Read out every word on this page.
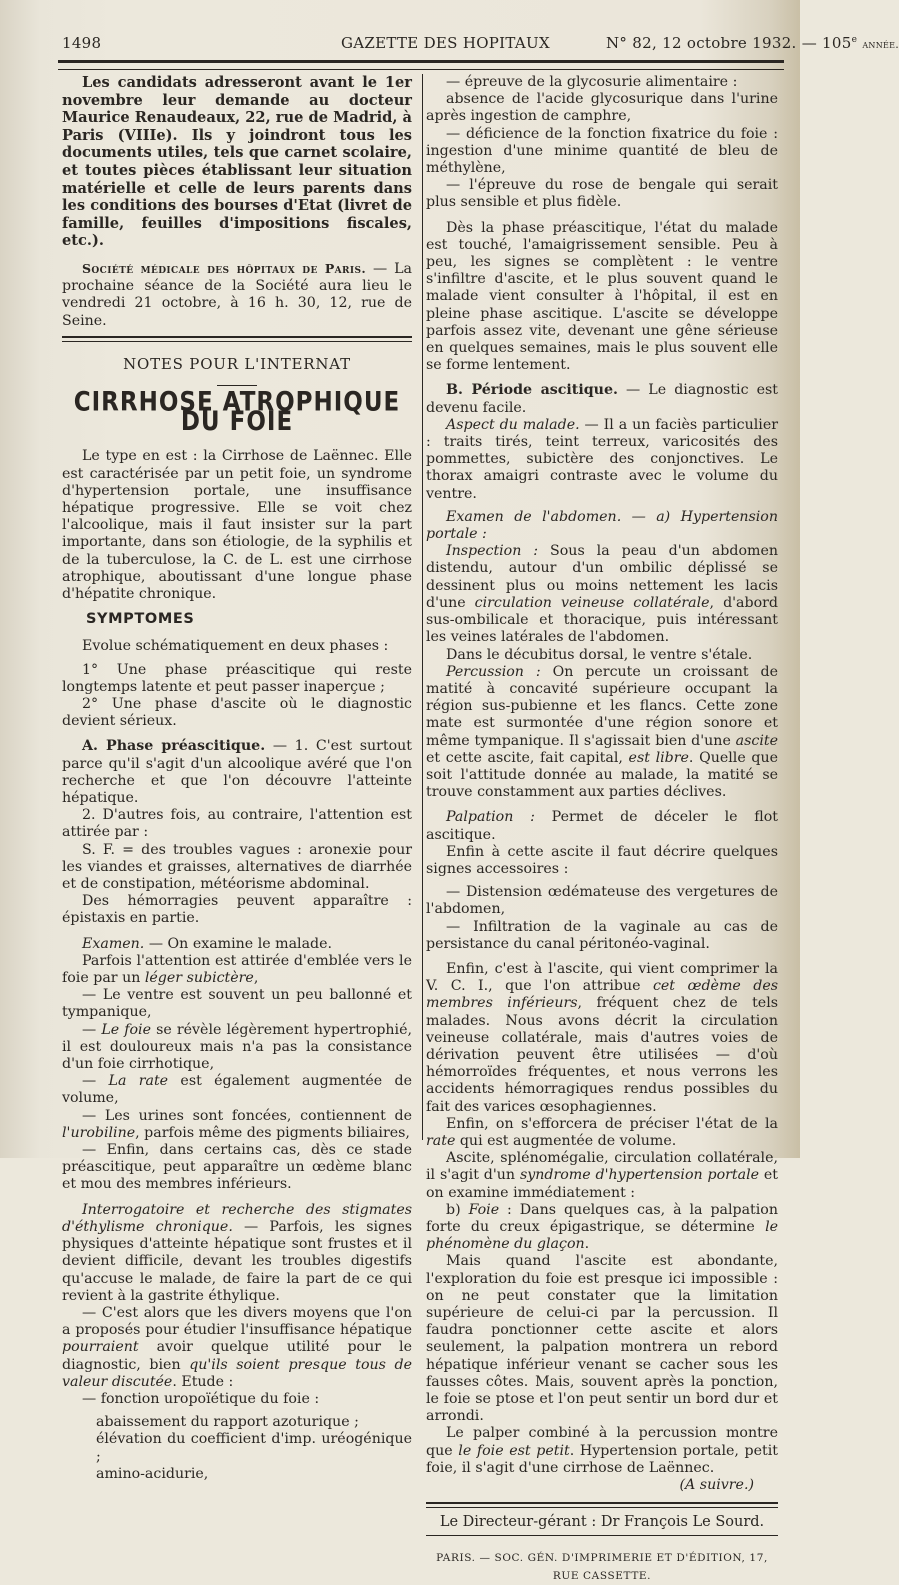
1498	GAZETTE DES HOPITAUX	N° 82, 12 octobre 1932. — 105e année.

Les candidats adresseront avant le 1er novembre leur demande au docteur Maurice Renaudeaux, 22, rue de Madrid, à Paris (VIIIe). Ils y joindront tous les documents utiles, tels que carnet scolaire, et toutes pièces établissant leur situation matérielle et celle de leurs parents dans les conditions des bourses d'Etat (livret de famille, feuilles d'impositions fiscales, etc.).

Société médicale des hôpitaux de Paris. — La prochaine séance de la Société aura lieu le vendredi 21 octobre, à 16 h. 30, 12, rue de Seine.

NOTES POUR L'INTERNAT

CIRRHOSE ATROPHIQUE DU FOIE

Le type en est : la Cirrhose de Laënnec. Elle est caractérisée par un petit foie, un syndrome d'hypertension portale, une insuffisance hépatique progressive. Elle se voit chez l'alcoolique, mais il faut insister sur la part importante, dans son étiologie, de la syphilis et de la tuberculose, la C. de L. est une cirrhose atrophique, aboutissant d'une longue phase d'hépatite chronique.

SYMPTOMES

Evolue schématiquement en deux phases :

1° Une phase préascitique qui reste longtemps latente et peut passer inaperçue ;

2° Une phase d'ascite où le diagnostic devient sérieux.

A. Phase préascitique. — 1. C'est surtout parce qu'il s'agit d'un alcoolique avéré que l'on recherche et que l'on découvre l'atteinte hépatique.

2. D'autres fois, au contraire, l'attention est attirée par :

S. F. = des troubles vagues : aronexie pour les viandes et graisses, alternatives de diarrhée et de constipation, météorisme abdominal.

Des hémorragies peuvent apparaître : épistaxis en partie.

Examen. — On examine le malade.

Parfois l'attention est attirée d'emblée vers le foie par un léger subictère,

— Le ventre est souvent un peu ballonné et tympanique,

— Le foie se révèle légèrement hypertrophié, il est douloureux mais n'a pas la consistance d'un foie cirrhotique,

— La rate est également augmentée de volume,

— Les urines sont foncées, contiennent de l'urobiline, parfois même des pigments biliaires,

— Enfin, dans certains cas, dès ce stade préascitique, peut apparaître un œdème blanc et mou des membres inférieurs.

Interrogatoire et recherche des stigmates d'éthylisme chronique. — Parfois, les signes physiques d'atteinte hépatique sont frustes et il devient difficile, devant les troubles digestifs qu'accuse le malade, de faire la part de ce qui revient à la gastrite éthylique.

— C'est alors que les divers moyens que l'on a proposés pour étudier l'insuffisance hépatique pourraient avoir quelque utilité pour le diagnostic, bien qu'ils soient presque tous de valeur discutée. Etude :

— fonction uropoïétique du foie :

abaissement du rapport azoturique ;

élévation du coefficient d'imp. uréogénique ;

amino-acidurie,

— épreuve de la glycosurie alimentaire :

absence de l'acide glycosurique dans l'urine après ingestion de camphre,

— déficience de la fonction fixatrice du foie : ingestion d'une minime quantité de bleu de méthylène,

— l'épreuve du rose de bengale qui serait plus sensible et plus fidèle.

Dès la phase préascitique, l'état du malade est touché, l'amaigrissement sensible. Peu à peu, les signes se complètent : le ventre s'infiltre d'ascite, et le plus souvent quand le malade vient consulter à l'hôpital, il est en pleine phase ascitique. L'ascite se développe parfois assez vite, devenant une gêne sérieuse en quelques semaines, mais le plus souvent elle se forme lentement.

B. Période ascitique. — Le diagnostic est devenu facile.

Aspect du malade. — Il a un faciès particulier : traits tirés, teint terreux, varicosités des pommettes, subictère des conjonctives. Le thorax amaigri contraste avec le volume du ventre.

Examen de l'abdomen. — a) Hypertension portale :

Inspection : Sous la peau d'un abdomen distendu, autour d'un ombilic déplissé se dessinent plus ou moins nettement les lacis d'une circulation veineuse collatérale, d'abord sus-ombilicale et thoracique, puis intéressant les veines latérales de l'abdomen.

Dans le décubitus dorsal, le ventre s'étale.

Percussion : On percute un croissant de matité à concavité supérieure occupant la région sus-pubienne et les flancs. Cette zone mate est surmontée d'une région sonore et même tympanique. Il s'agissait bien d'une ascite et cette ascite, fait capital, est libre. Quelle que soit l'attitude donnée au malade, la matité se trouve constamment aux parties déclives.

Palpation : Permet de déceler le flot ascitique.

Enfin à cette ascite il faut décrire quelques signes accessoires :

— Distension œdémateuse des vergetures de l'abdomen,

— Infiltration de la vaginale au cas de persistance du canal péritonéo-vaginal.

Enfin, c'est à l'ascite, qui vient comprimer la V. C. I., que l'on attribue cet œdème des membres inférieurs, fréquent chez de tels malades. Nous avons décrit la circulation veineuse collatérale, mais d'autres voies de dérivation peuvent être utilisées — d'où hémorroïdes fréquentes, et nous verrons les accidents hémorragiques rendus possibles du fait des varices œsophagiennes.

Enfin, on s'efforcera de préciser l'état de la rate qui est augmentée de volume.

Ascite, splénomégalie, circulation collatérale, il s'agit d'un syndrome d'hypertension portale et on examine immédiatement :

b) Foie : Dans quelques cas, à la palpation forte du creux épigastrique, se détermine le phénomène du glaçon.

Mais quand l'ascite est abondante, l'exploration du foie est presque ici impossible : on ne peut constater que la limitation supérieure de celui-ci par la percussion. Il faudra ponctionner cette ascite et alors seulement, la palpation montrera un rebord hépatique inférieur venant se cacher sous les fausses côtes. Mais, souvent après la ponction, le foie se ptose et l'on peut sentir un bord dur et arrondi.

Le palper combiné à la percussion montre que le foie est petit. Hypertension portale, petit foie, il s'agit d'une cirrhose de Laënnec.

(A suivre.)

Le Directeur-gérant : Dr François Le Sourd.

PARIS. — SOC. GÉN. D'IMPRIMERIE ET D'ÉDITION, 17, RUE CASSETTE.
